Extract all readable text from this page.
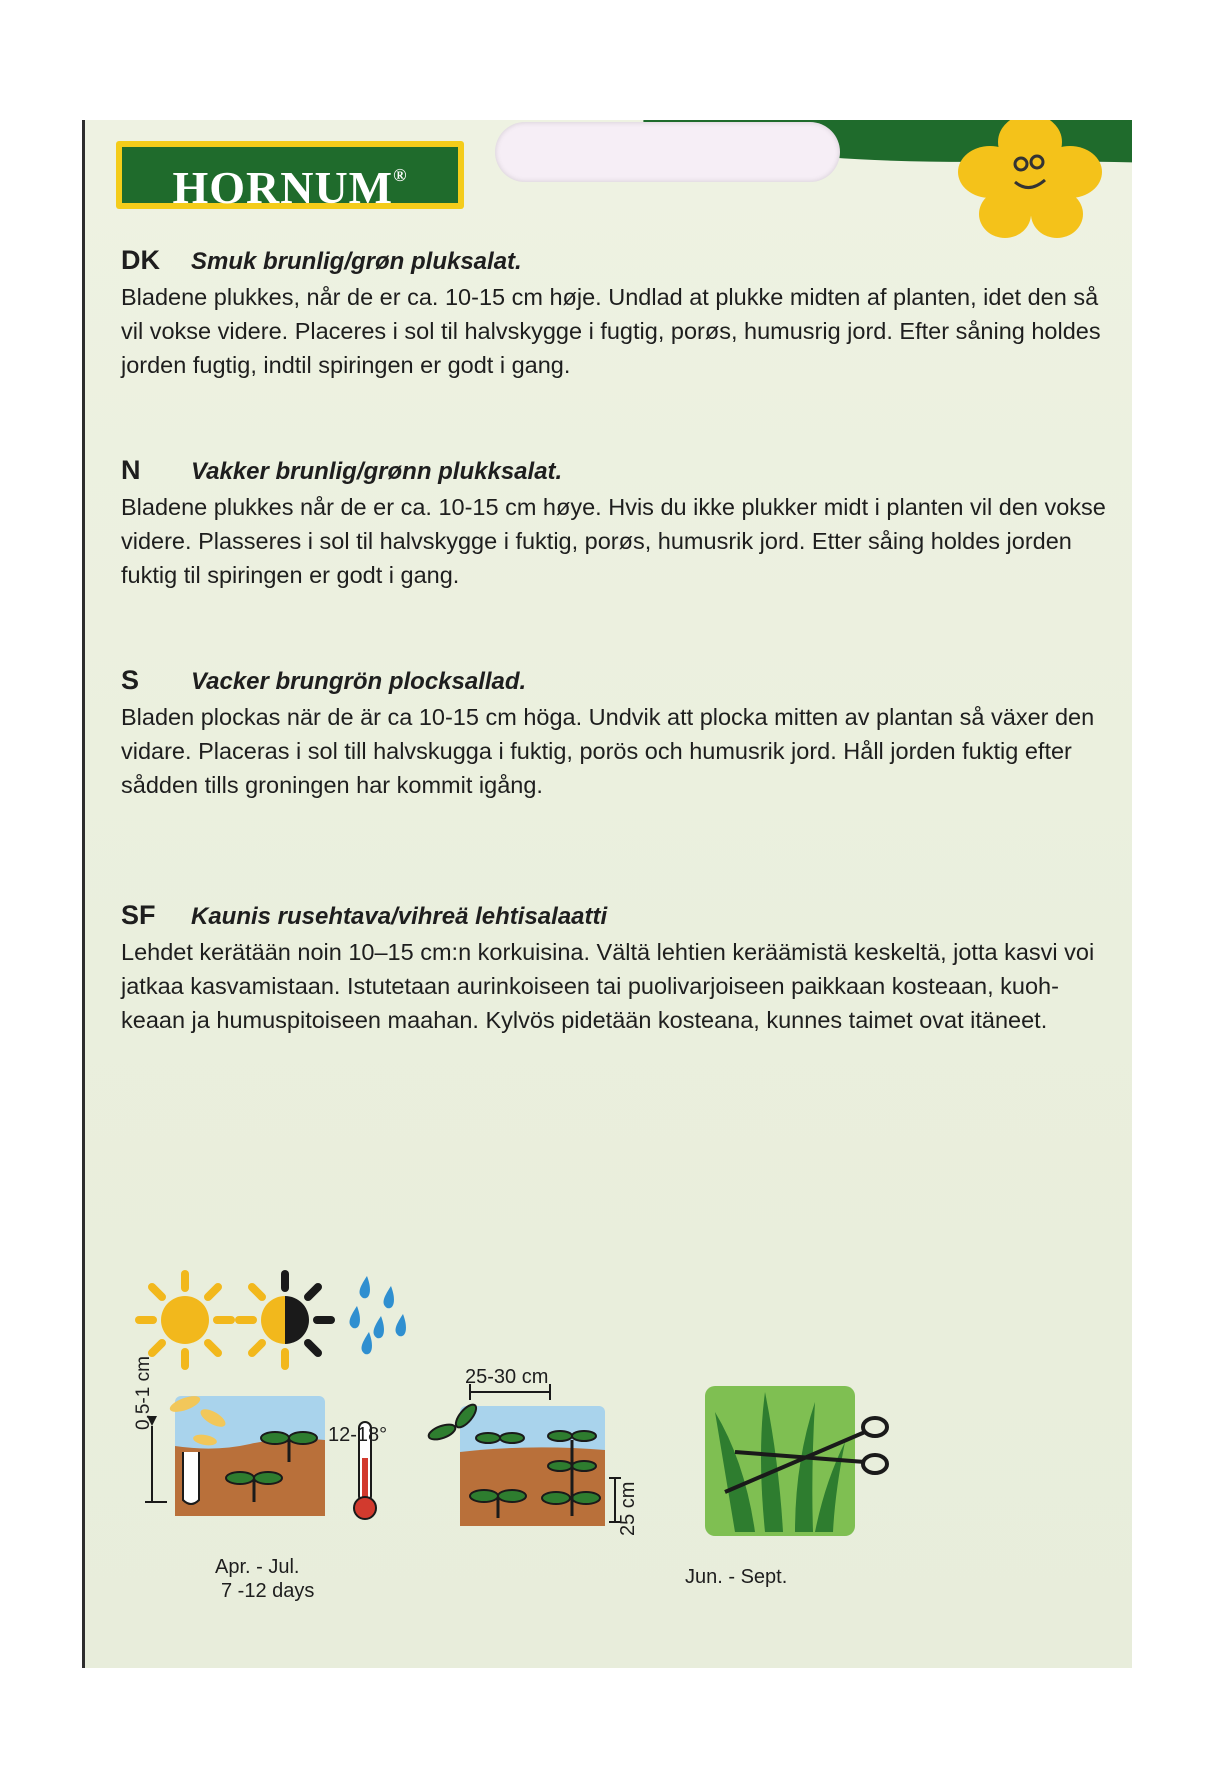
HORNUM®
DK Smuk brunlig/grøn pluksalat.
Bladene plukkes, når de er ca. 10-15 cm høje. Undlad at plukke midten af planten, idet den så vil vokse videre. Placeres i sol til halvskygge i fugtig, porøs, humusrig jord. Efter såning holdes jorden fugtig, indtil spiringen er godt i gang.
N Vakker brunlig/grønn plukksalat.
Bladene plukkes når de er ca. 10-15 cm høye. Hvis du ikke plukker midt i planten vil den vokse videre. Plasseres i sol til halvskygge i fuktig, porøs, humusrik jord. Etter såing holdes jorden fuktig til spiringen er godt i gang.
S Vacker brungrön plocksallad.
Bladen plockas när de är ca 10-15 cm höga. Undvik att plocka mitten av plantan så växer den vidare. Placeras i sol till halvskugga i fuktig, porös och humusrik jord. Håll jorden fuktig efter sådden tills groningen har kommit igång.
SF Kaunis rusehtava/vihreä lehtisalaatti
Lehdet kerätään noin 10–15 cm:n korkuisina. Vältä lehtien keräämistä keskeltä, jotta kasvi voi jatkaa kasvamistaan. Istutetaan aurinkoiseen tai puolivarjoiseen paikkaan kosteaan, kuoh-keaan ja humuspitoiseen maahan. Kylvös pidetään kosteana, kunnes taimet ovat itäneet.
0,5-1 cm
12-18°
Apr. - Jul.
7 -12 days
25-30 cm
25 cm
Jun. - Sept.
